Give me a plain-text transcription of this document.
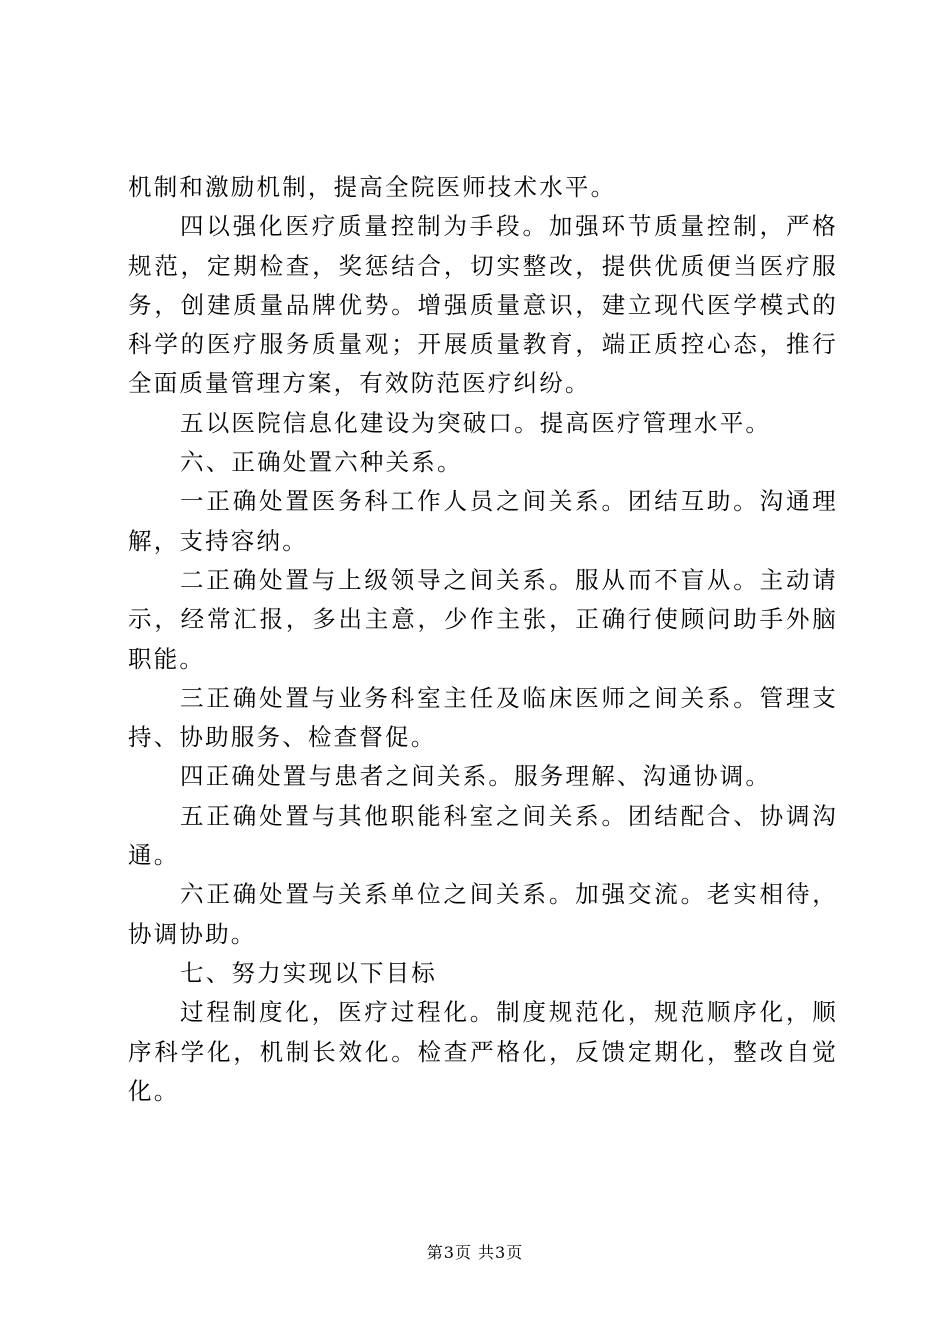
机制和激励机制，提高全院医师技术水平。

四以强化医疗质量控制为手段。加强环节质量控制，严格规范，定期检查，奖惩结合，切实整改，提供优质便当医疗服务，创建质量品牌优势。增强质量意识，建立现代医学模式的科学的医疗服务质量观；开展质量教育，端正质控心态，推行全面质量管理方案，有效防范医疗纠纷。

五以医院信息化建设为突破口。提高医疗管理水平。

六、正确处置六种关系。

一正确处置医务科工作人员之间关系。团结互助。沟通理解，支持容纳。

二正确处置与上级领导之间关系。服从而不盲从。主动请示，经常汇报，多出主意，少作主张，正确行使顾问助手外脑职能。

三正确处置与业务科室主任及临床医师之间关系。管理支持、协助服务、检查督促。

四正确处置与患者之间关系。服务理解、沟通协调。

五正确处置与其他职能科室之间关系。团结配合、协调沟通。

六正确处置与关系单位之间关系。加强交流。老实相待，协调协助。

七、努力实现以下目标

过程制度化，医疗过程化。制度规范化，规范顺序化，顺序科学化，机制长效化。检查严格化，反馈定期化，整改自觉化。

第3页 共3页
